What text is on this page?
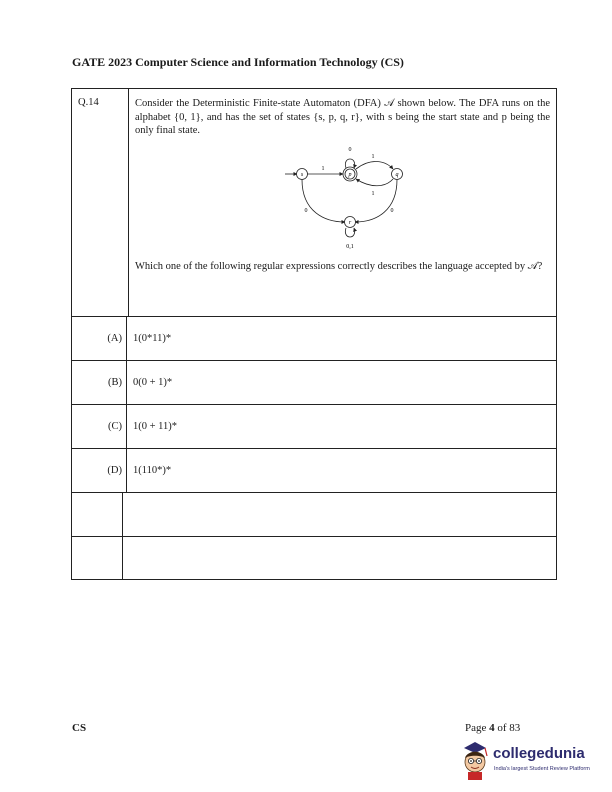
GATE 2023 Computer Science and Information Technology (CS)
Q.14	Consider the Deterministic Finite-state Automaton (DFA) 𝒜 shown below. The DFA runs on the alphabet {0, 1}, and has the set of states {s, p, q, r}, with s being the start state and p being the only final state.

s
1
p
0
1
q
1
0	0
r
0,1

Which one of the following regular expressions correctly describes the language accepted by 𝒜?

(A)	1(0*11)*
(B)	0(0 + 1)*
(C)	1(0 + 11)*
(D)	1(110*)*
CS	Page 4 of 83
collegedunia
India's largest Student Review Platform
